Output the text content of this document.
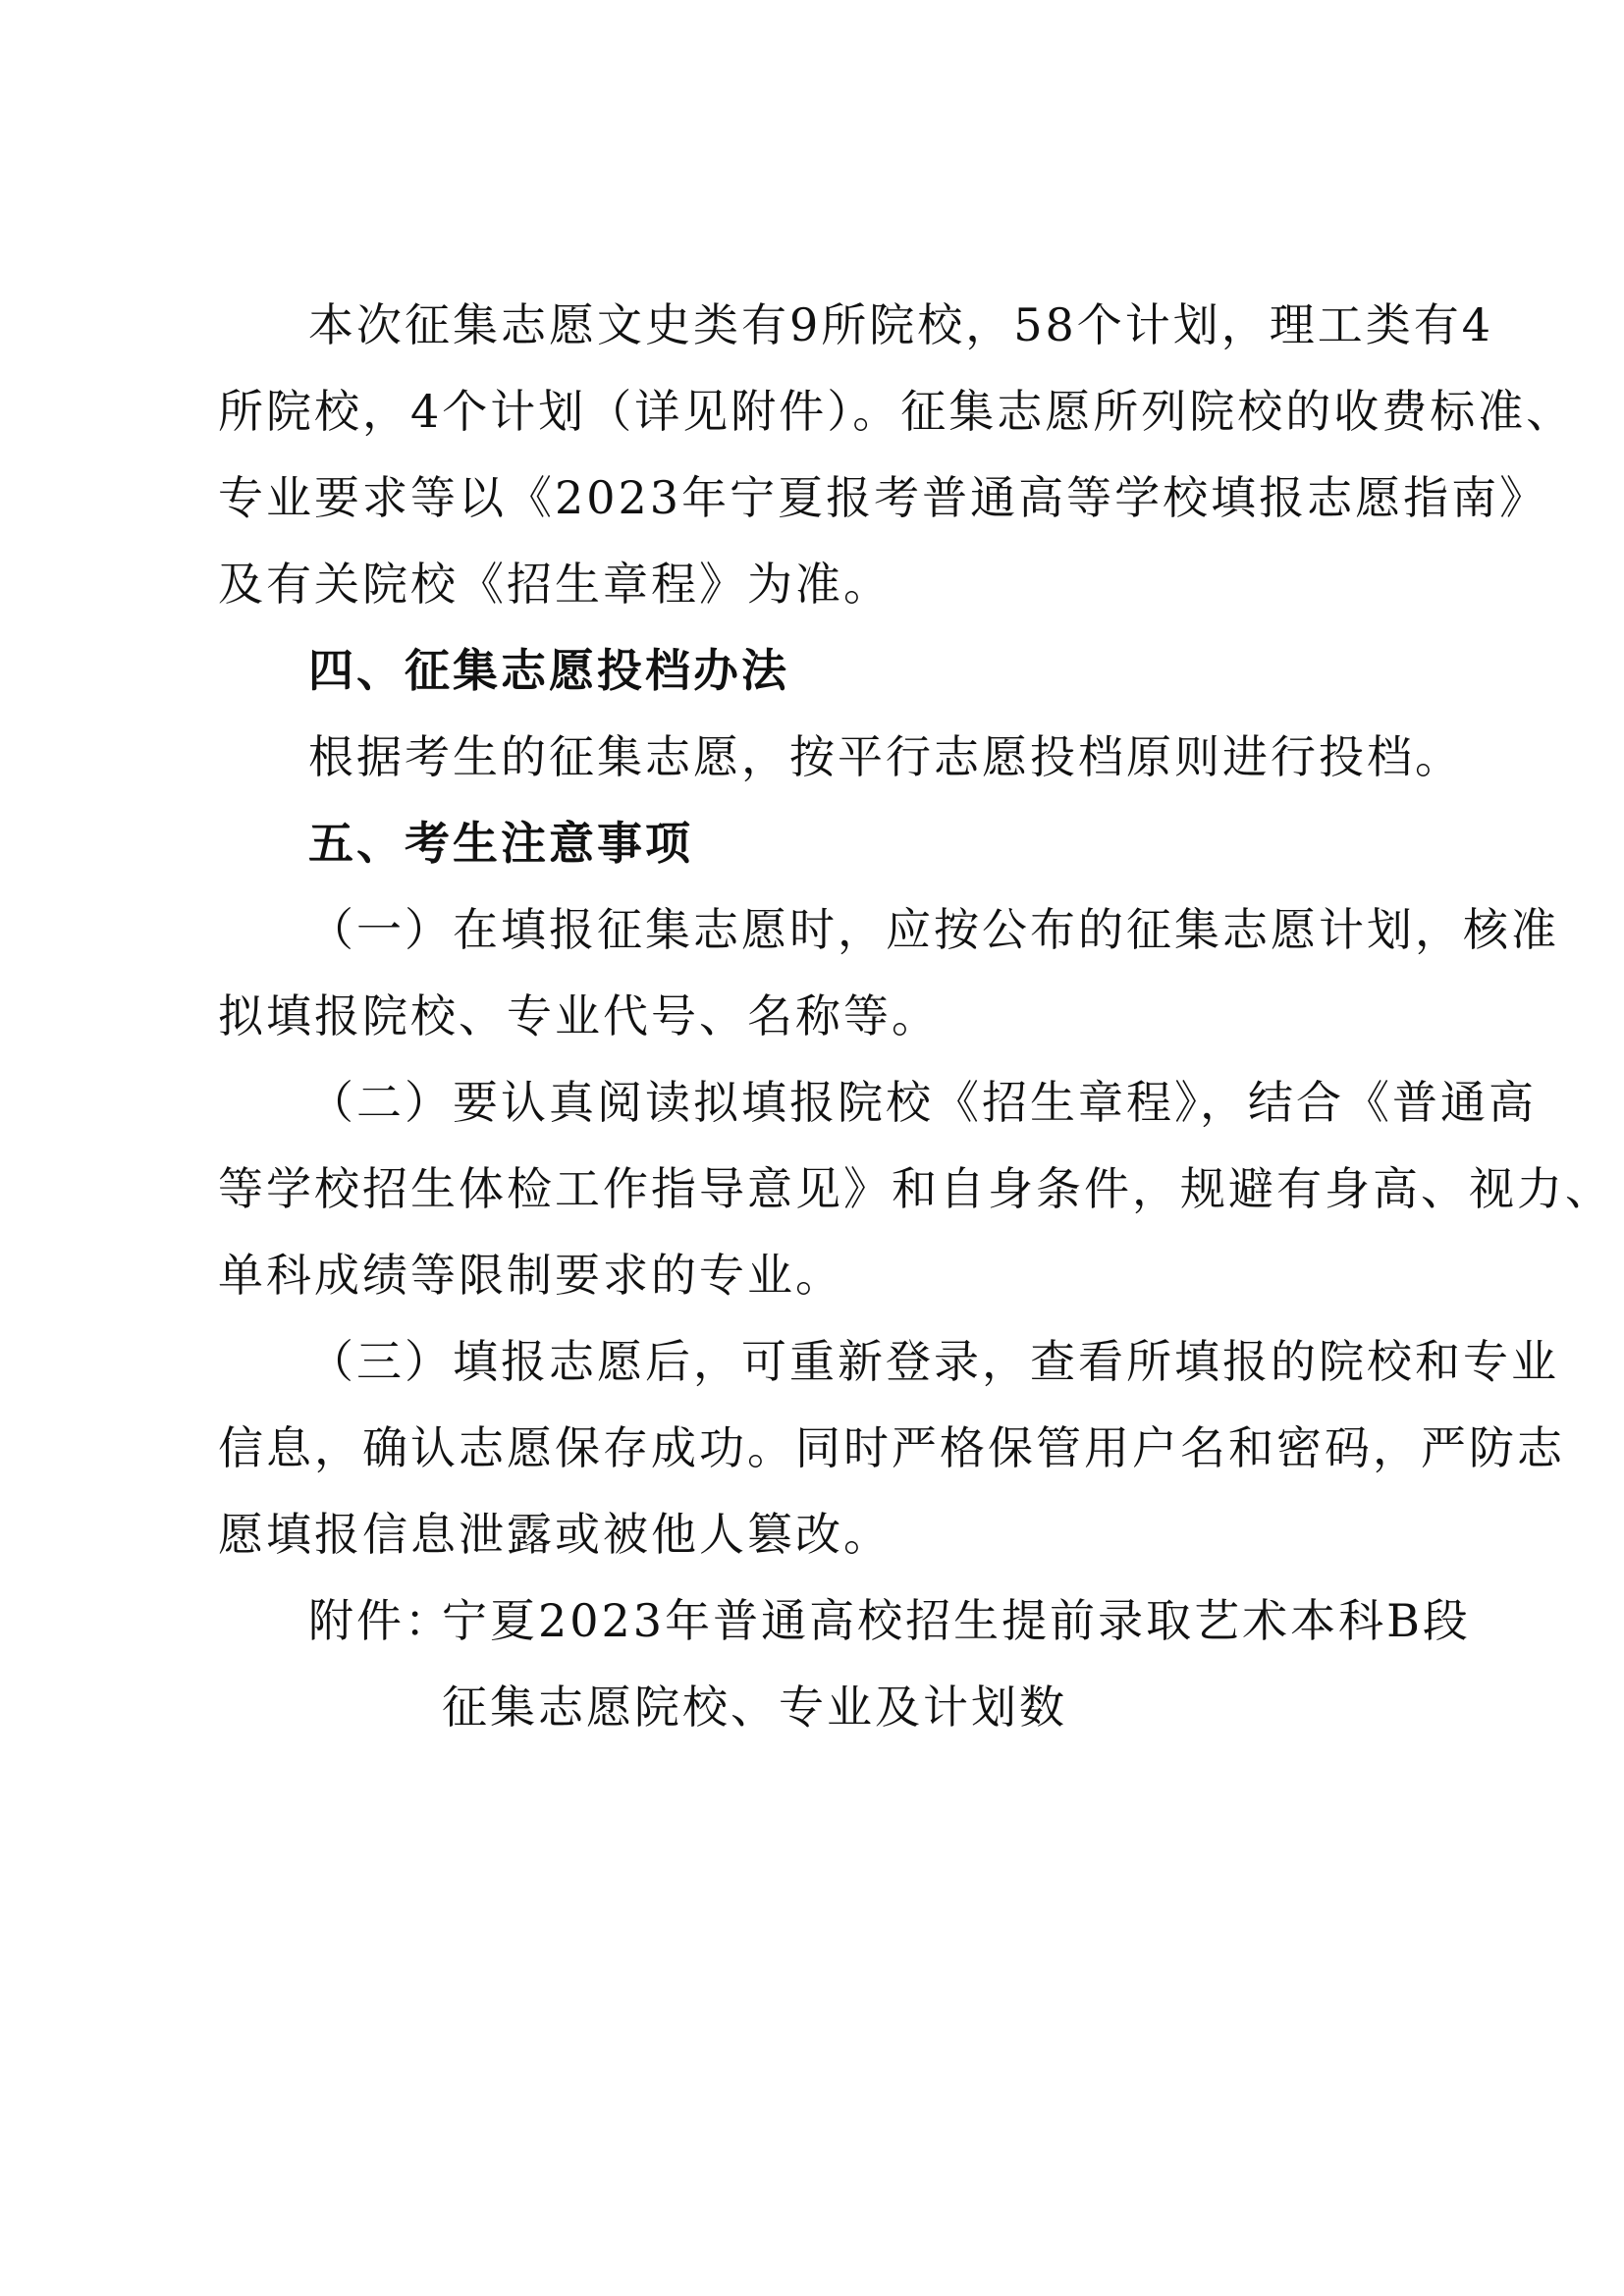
本次征集志愿文史类有9所院校，58个计划，理工类有4
所院校，4个计划（详见附件）。征集志愿所列院校的收费标准、
专业要求等以《2023年宁夏报考普通高等学校填报志愿指南》
及有关院校《招生章程》为准。
四、征集志愿投档办法
根据考生的征集志愿，按平行志愿投档原则进行投档。
五、考生注意事项
（一）在填报征集志愿时，应按公布的征集志愿计划，核准
拟填报院校、专业代号、名称等。
（二）要认真阅读拟填报院校《招生章程》，结合《普通高
等学校招生体检工作指导意见》和自身条件，规避有身高、视力、
单科成绩等限制要求的专业。
（三）填报志愿后，可重新登录，查看所填报的院校和专业
信息，确认志愿保存成功。同时严格保管用户名和密码，严防志
愿填报信息泄露或被他人篡改。
附件：
宁夏2023年普通高校招生提前录取艺术本科B段
征集志愿院校、专业及计划数
